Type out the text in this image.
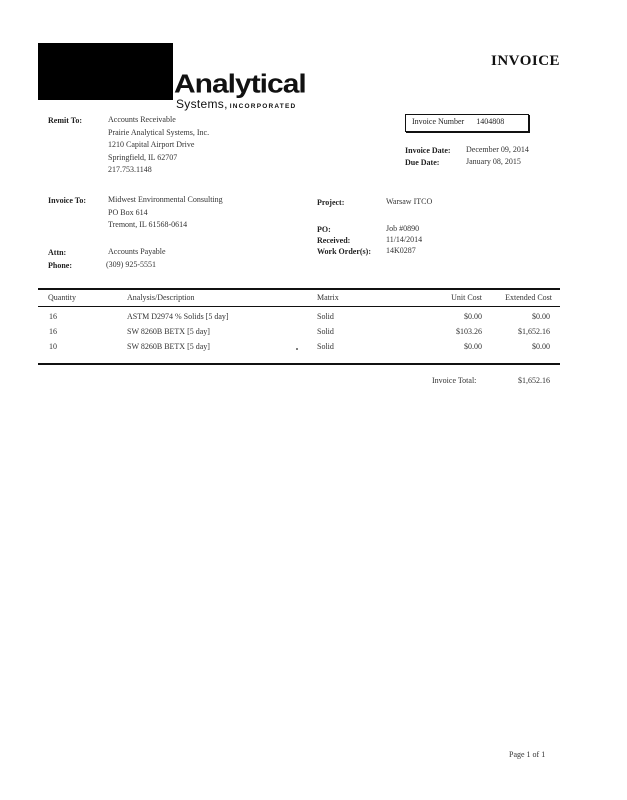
Analytical
Systems, INCORPORATED
INVOICE
Remit To:	Accounts Receivable
Prairie Analytical Systems, Inc.
1210 Capital Airport Drive
Springfield, IL 62707
217.753.1148
Invoice Number 1404808
Invoice Date: December 09, 2014
Due Date:	January 08, 2015
Invoice To:	Midwest Environmental Consulting
PO Box 614
Tremont, IL 61568-0614
Attn:	Accounts Payable
Phone:	(309) 925-5551
Project:	Warsaw ITCO
PO:	Job #0890
Received:	11/14/2014
Work Order(s): 14K0287
Quantity	Analysis/Description	Matrix	Unit Cost	Extended Cost
16	ASTM D2974 % Solids [5 day]	Solid	$0.00	$0.00
16	SW 8260B BETX [5 day]	Solid	$103.26	$1,652.16
10	SW 8260B BETX [5 day]	Solid	$0.00	$0.00
Invoice Total:	$1,652.16
Page 1 of 1
